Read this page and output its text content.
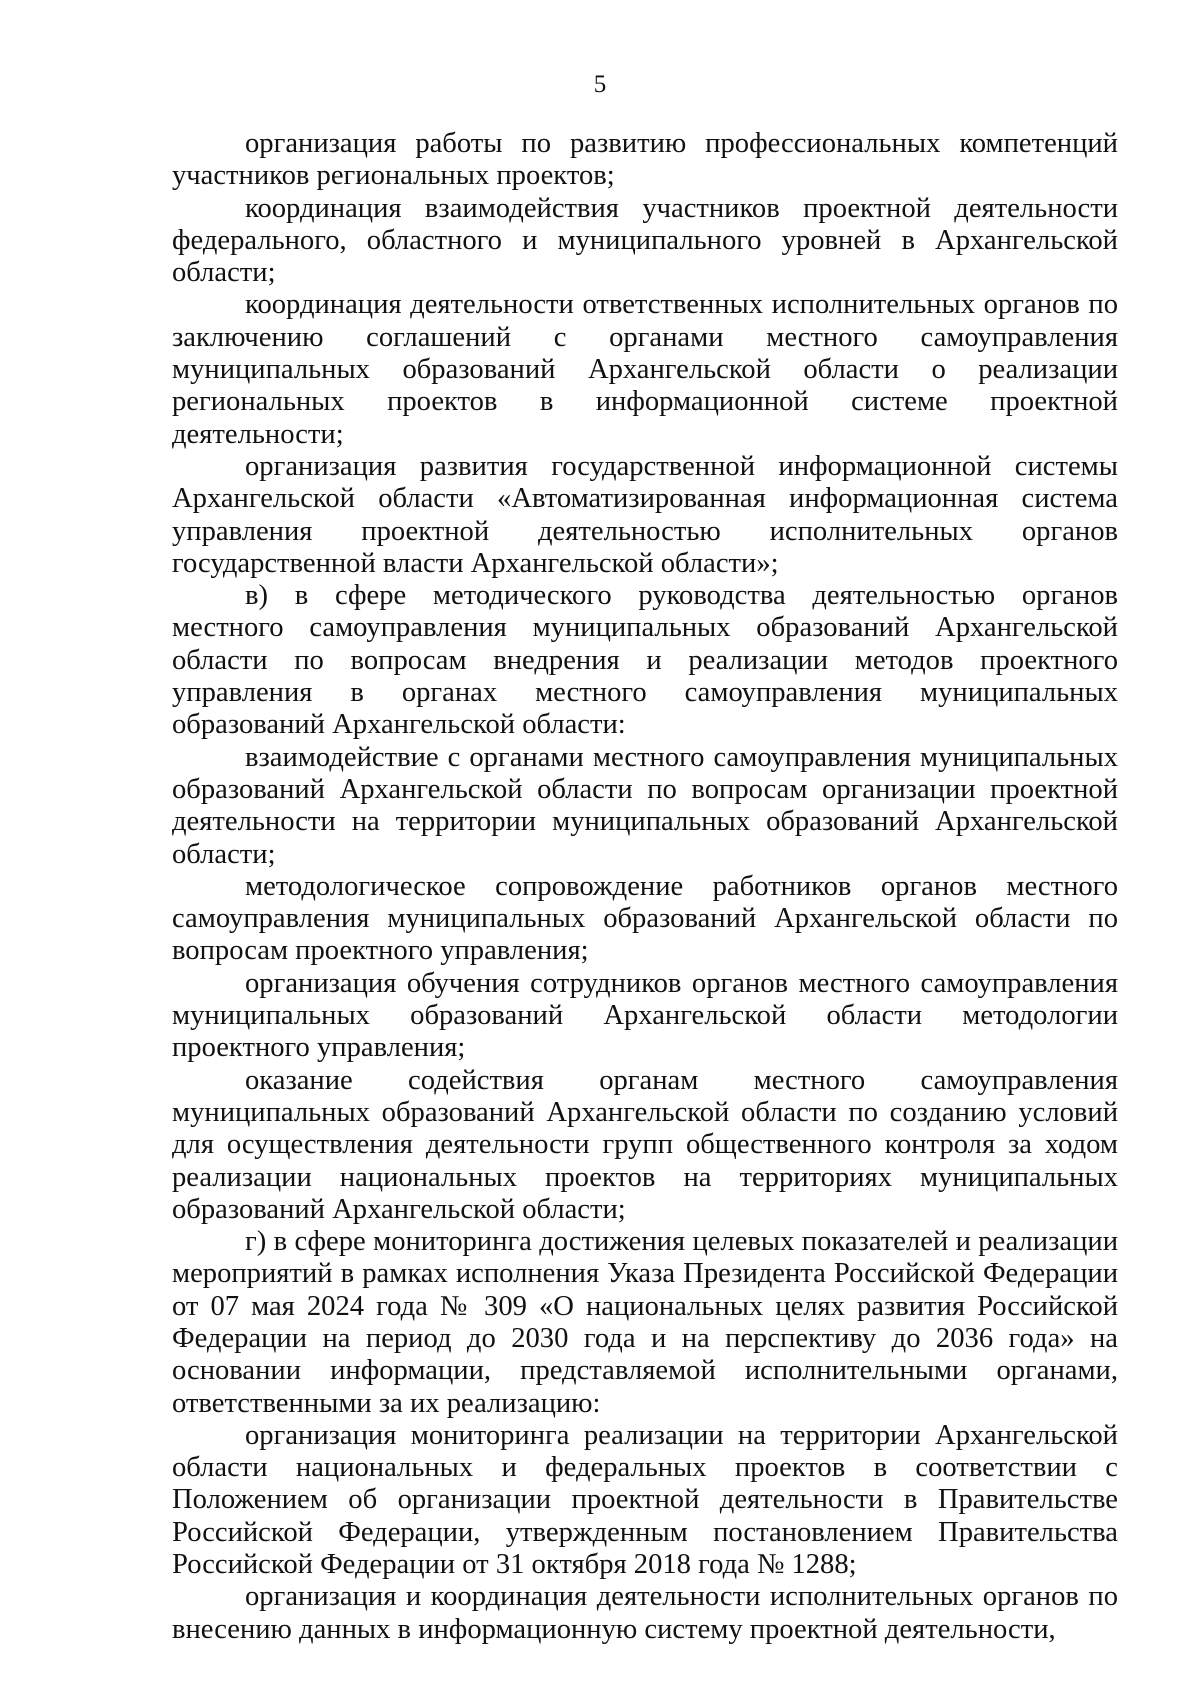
5

организация работы по развитию профессиональных компетенций участников региональных проектов;

координация взаимодействия участников проектной деятельности федерального, областного и муниципального уровней в Архангельской области;

координация деятельности ответственных исполнительных органов по заключению соглашений с органами местного самоуправления муниципальных образований Архангельской области о реализации региональных проектов в информационной системе проектной деятельности;

организация развития государственной информационной системы Архангельской области «Автоматизированная информационная система управления проектной деятельностью исполнительных органов государственной власти Архангельской области»;

в) в сфере методического руководства деятельностью органов местного самоуправления муниципальных образований Архангельской области по вопросам внедрения и реализации методов проектного управления в органах местного самоуправления муниципальных образований Архангельской области:

взаимодействие с органами местного самоуправления муниципальных образований Архангельской области по вопросам организации проектной деятельности на территории муниципальных образований Архангельской области;

методологическое сопровождение работников органов местного самоуправления муниципальных образований Архангельской области по вопросам проектного управления;

организация обучения сотрудников органов местного самоуправления муниципальных образований Архангельской области методологии проектного управления;

оказание содействия органам местного самоуправления муниципальных образований Архангельской области по созданию условий для осуществления деятельности групп общественного контроля за ходом реализации национальных проектов на территориях муниципальных образований Архангельской области;

г) в сфере мониторинга достижения целевых показателей и реализации мероприятий в рамках исполнения Указа Президента Российской Федерации от 07 мая 2024 года № 309 «О национальных целях развития Российской Федерации на период до 2030 года и на перспективу до 2036 года» на основании информации, представляемой исполнительными органами, ответственными за их реализацию:

организация мониторинга реализации на территории Архангельской области национальных и федеральных проектов в соответствии с Положением об организации проектной деятельности в Правительстве Российской Федерации, утвержденным постановлением Правительства Российской Федерации от 31 октября 2018 года № 1288;

организация и координация деятельности исполнительных органов по внесению данных в информационную систему проектной деятельности,
